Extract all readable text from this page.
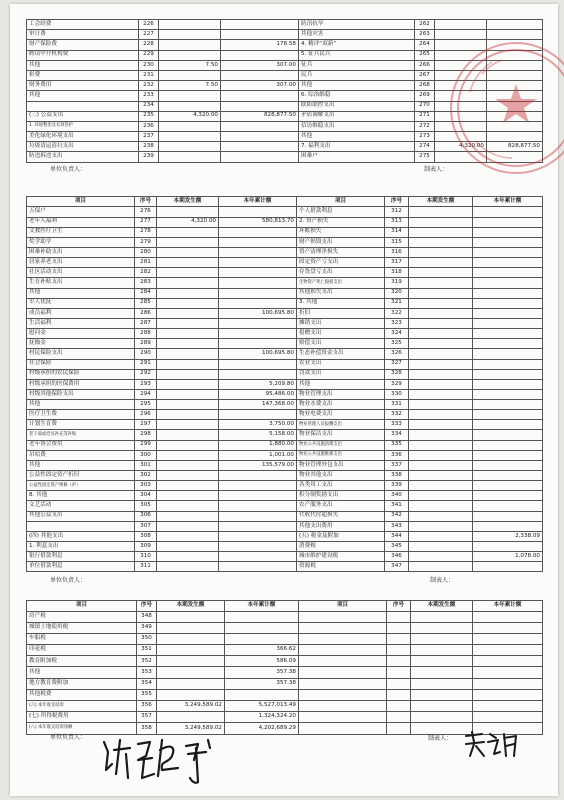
工会经费	226			防汛抗旱	262		
审计费	227			其他灾害	263		
财产保险费	228		178.58	4. 精评“双新”	264		
聘请中介机构费	229			5. 征兵民兵	265		
其他	230	7.50	307.00	征兵	266		
彩费	231			民兵	267		
财务费用	232	7.50	307.00	其他	268		
其他	233			6. 综治维稳	269		
	234			联防联控支出	270		
(三) 公益支出	235	4,320.00	828,877.50	矛盾调解支出	271		
1. 环境整治及长效管护	236			信访维稳支出	272		
美化绿化环境支出	237			其他	273		
垃圾清运清扫支出	238			7. 福利支出	274	4,320.00	828,877.50
防违拆违支出	239			困难户	275		
单位负责人：	制表人：
项目	序号	本期发生额	本年累计额	项目	序号	本期发生额	本年累计额
五保户	276			个人借款利息	312		
老年人福利	277	4,320.00	580,813.70	2. 资产损失	313		
文教医疗卫生	278			坏账损失	314		
奖学助学	279			财产损毁支出	315		
困难补助支出	280			资产清理净损失	316		
居家养老支出	281			固定资产亏支出	317		
社区活动支出	282			存货盘亏支出	318		
生育补贴支出	283			生物资产死亡毁损支出	319		
其他	284			其他损失支出	320		
军人优抚	285			3. 其他	321		
成员福利	286		100,695.80	折旧	322		
生活福利	287			摊销支出	323		
慰问金	288			捐赠支出	324		
抚恤金	289			赔偿支出	325		
村民保险支出	290		100,695.80	生态补偿资金支出	326		
社会保险	291			农业支出	327		
村级承担的农民保险	292			罚款支出	328		
村级承担的医保费用	293		5,209.80	其他	329		
村级其他保险支出	294		95,486.00	物业管理支出	330		
其他	295		147,368.00	物业水费支出	331		
医疗卫生费	296			物业电费支出	332		
计划生育费	297		3,750.00	物业管理人员报酬支出	333		
老干部或党员补充等补贴	298		5,158.00	物业保洁支出	334		
老年协会费用	299		1,880.00	物业公共设施清理支出	335		
吊唁费	300		1,001.00	物业公共设施维修支出	336		
其他	301		135,579.00	物业管理外包支出	337		
公益性固定资产折旧	302			物业其他支出	338		
公益性固定资产维修（护）	303			各类用工支出	339		
8. 其他	304			积分制奖励支出	340		
文艺活动	305			农产服务支出	341		
其他公益支出	306			代收代付超损失	342		
	307			其他支出费用	343		
(四) 其他支出	308			(五) 税金及附加	344		2,338.09
1. 利息支出	309			消费税	345		
银行借款利息	310			城市维护建设税	346		1,078.00
单位借款利息	311			资源税	347		
单位负责人：	制表人：
项目	序号	本期发生额	本年累计额	项目	序号	本期发生额	本年累计额
房产税	348						
城镇土地使用税	349						
车船税	350						
印花税	351		366.62				
教育附加税	352		586.09				
其他	353		357.38				
地方教育费附加	354		357.38				
其他税费	355						
(六) 本年收支结余	356	3,249,589.02	5,527,013.49				
(七) 所得税费用	357		1,324,324.20				
(八) 本年收支结余净额	358	3,249,589.02	4,202,689.29				
单位负责人：	制表人：
